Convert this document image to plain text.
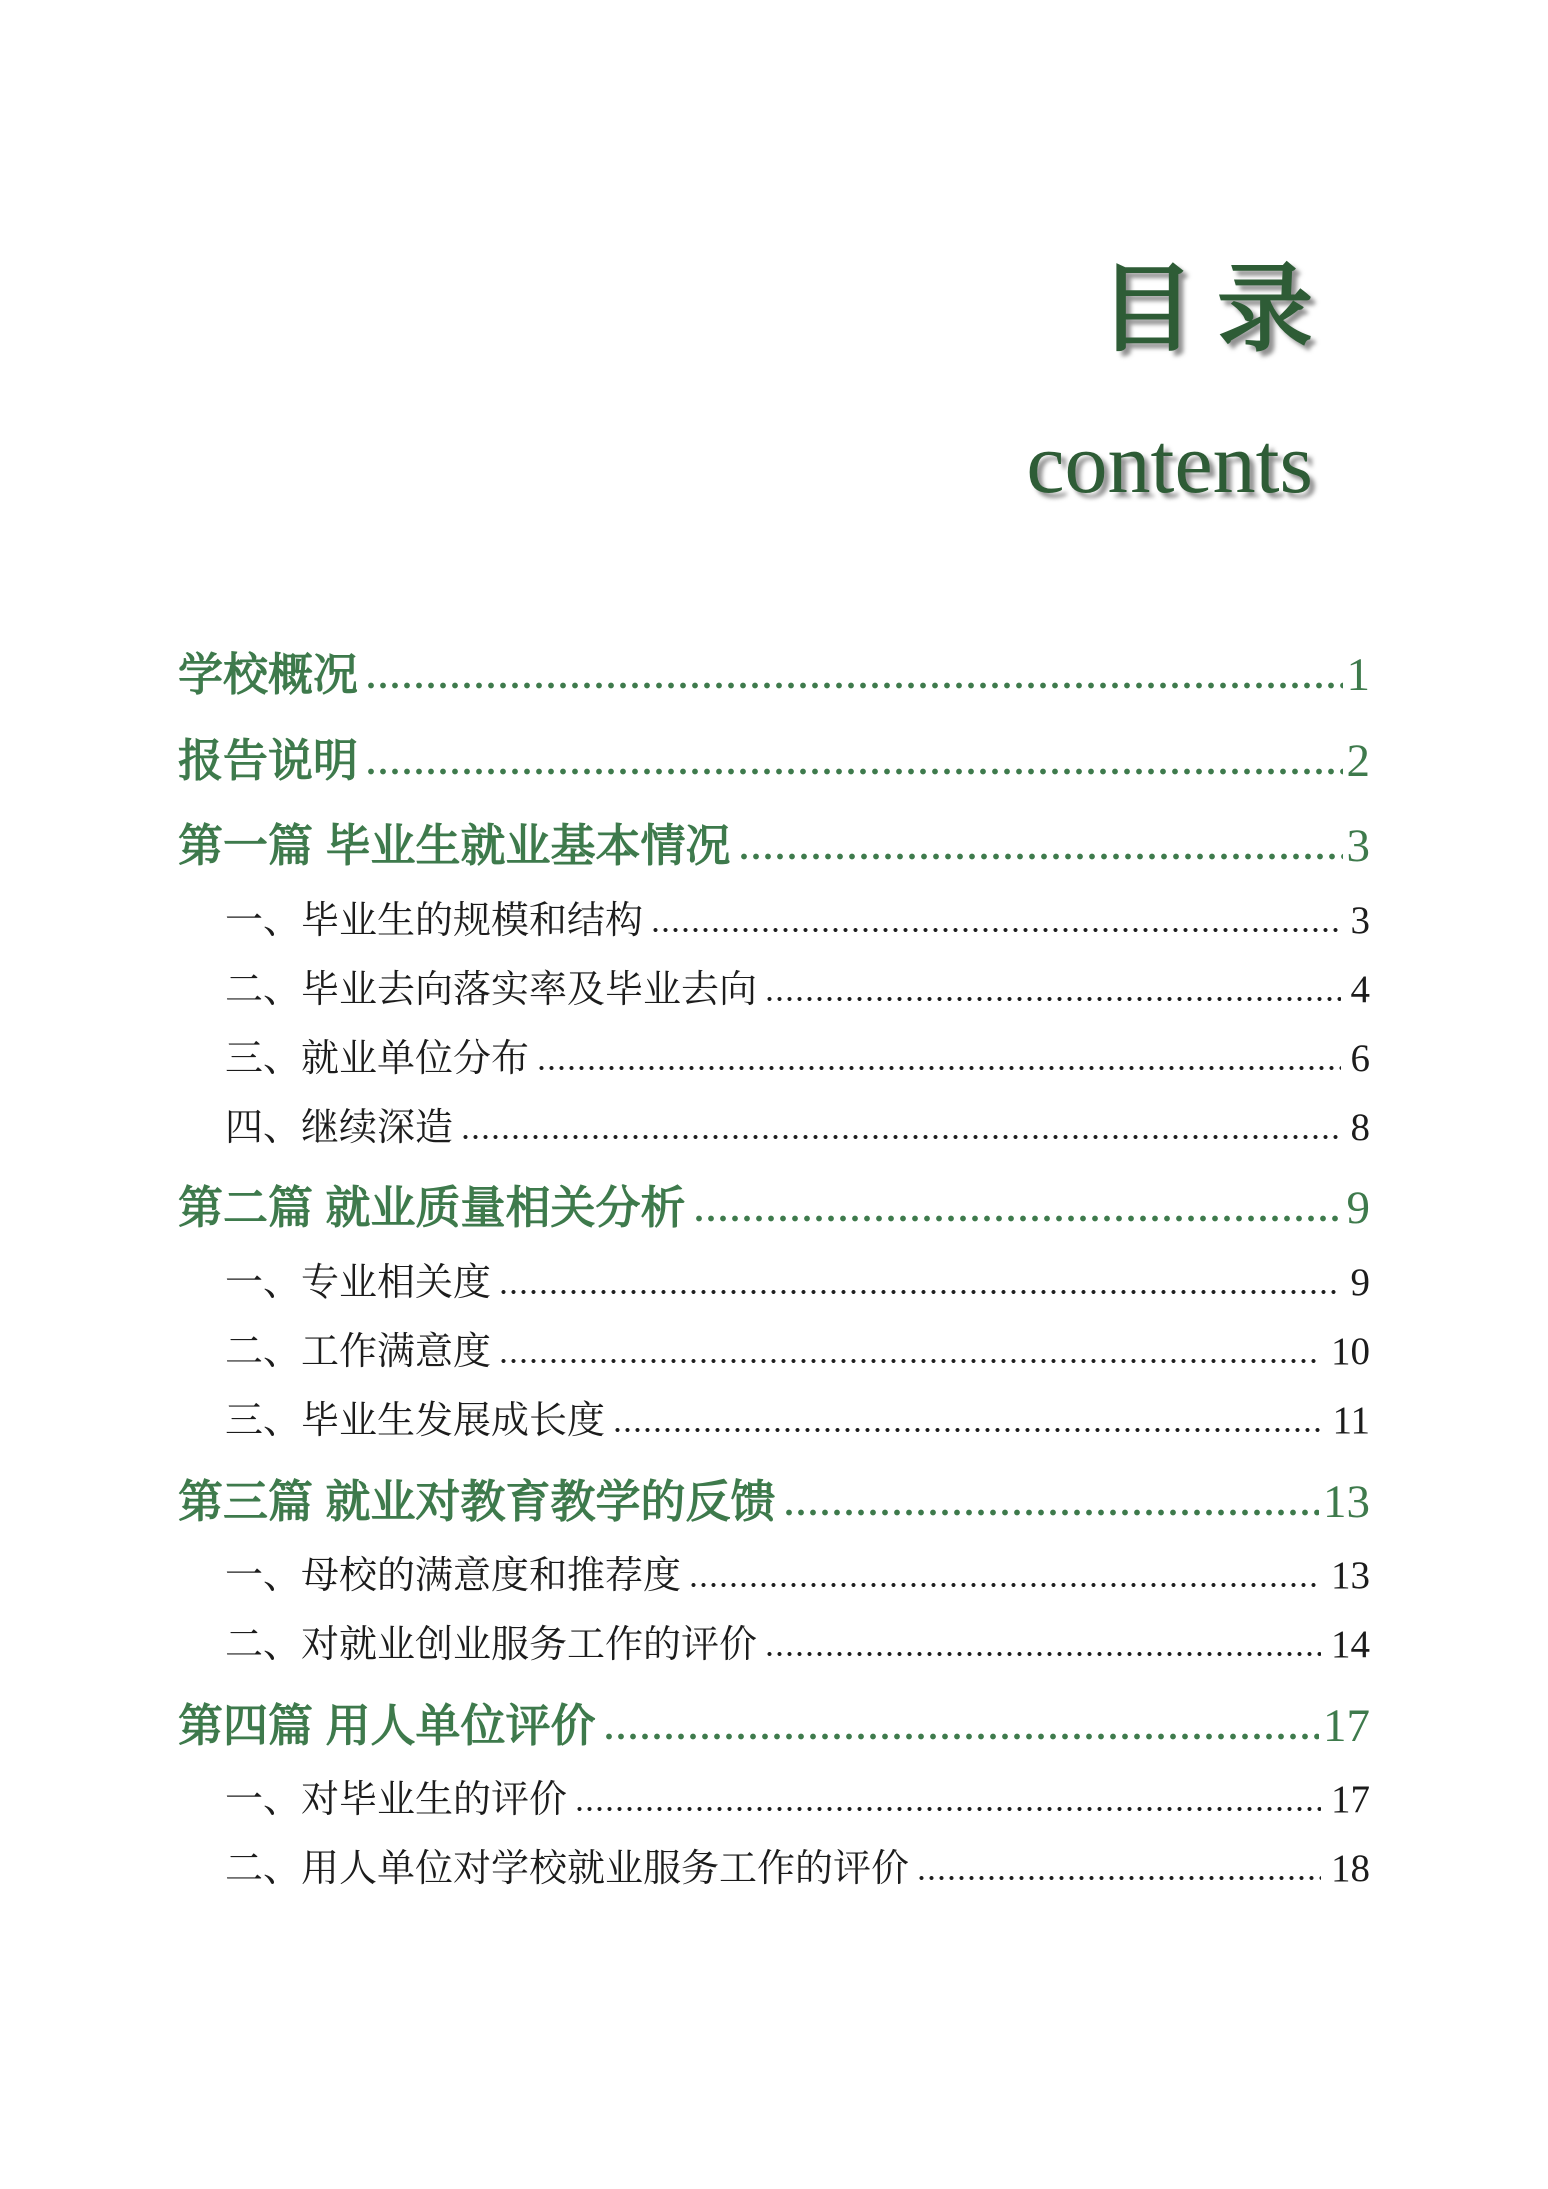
目录
contents
学校概况	1
报告说明	2
第一篇 毕业生就业基本情况	3
一、毕业生的规模和结构	3
二、毕业去向落实率及毕业去向	4
三、就业单位分布	6
四、继续深造	8
第二篇 就业质量相关分析	9
一、专业相关度	9
二、工作满意度	10
三、毕业生发展成长度	11
第三篇 就业对教育教学的反馈	13
一、母校的满意度和推荐度	13
二、对就业创业服务工作的评价	14
第四篇 用人单位评价	17
一、对毕业生的评价	17
二、用人单位对学校就业服务工作的评价	18
